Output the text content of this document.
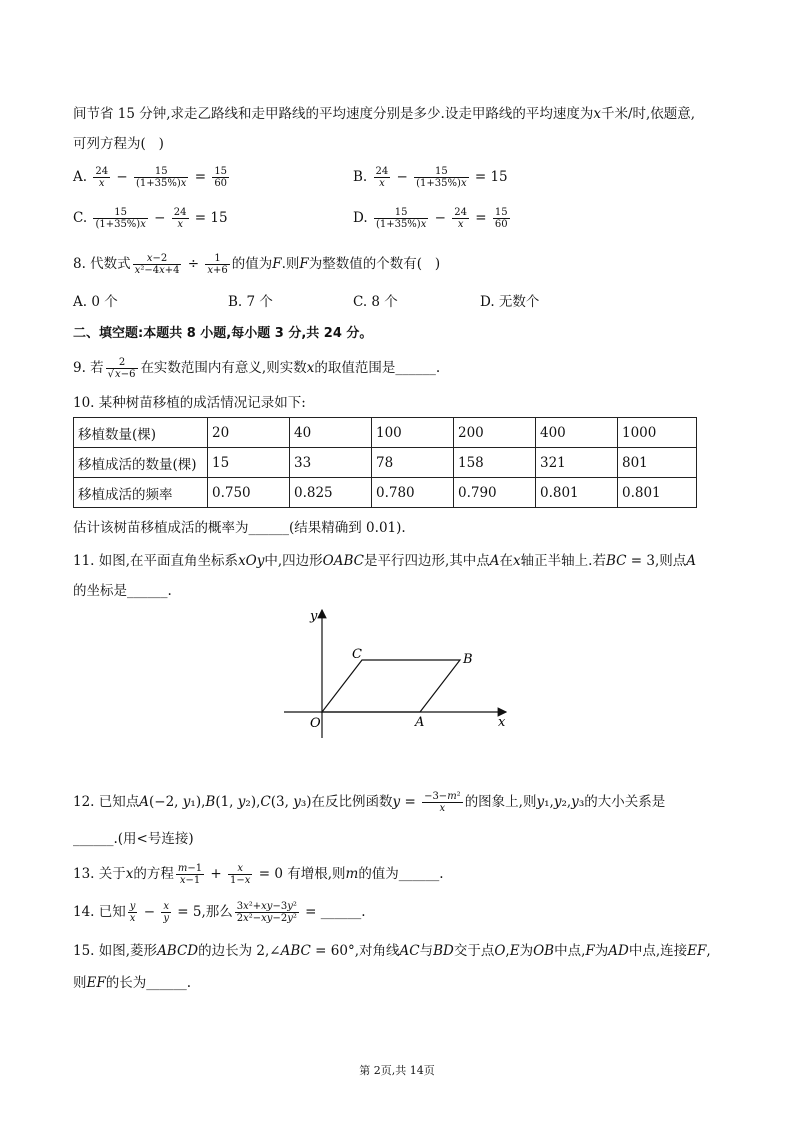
间节省 15 分钟,求走乙路线和走甲路线的平均速度分别是多少.设走甲路线的平均速度为x千米/时,依题意,
可列方程为(   )
A. $\frac{24}{x} - \frac{15}{(1+35\%)x} = \frac{15}{60}$	B. $\frac{24}{x} - \frac{15}{(1+35\%)x} = 15$
C. $\frac{15}{(1+35\%)x} - \frac{24}{x} = 15$	D. $\frac{15}{(1+35\%)x} - \frac{24}{x} = \frac{15}{60}$
8. 代数式 $\frac{x-2}{\text{x²−4x+4}} \div \frac{1}{x+6}$ 的值为F.则F为整数值的个数有(   )
A. 0 个	B. 7 个	C. 8 个	D. 无数个
二、填空题:本题共 8 小题,每小题 3 分,共 24 分。
9. 若 $\frac{2}{√x-6}$ 在实数范围内有意义,则实数x的取值范围是______.
10. 某种树苗移植的成活情况记录如下:
移植数量(棵)	20	40	100	200	400	1000
移植成活的数量(棵)	15	33	78	158	321	801
移植成活的频率	0.750	0.825	0.780	0.790	0.801	0.801
估计该树苗移植成活的概率为______(结果精确到 0.01).
11. 如图,在平面直角坐标系xOy中,四边形OABC是平行四边形,其中点A在x轴正半轴上.若BC = 3,则点A
的坐标是______.
y
x
O	A
B
C
12. 已知点A(−2, y₁),B(1, y₂),C(3, y₃)在反比例函数$y = \frac{\text{−3−m²}}{x}$ 的图象上,则y₁,y₂,y₃的大小关系是
______.(用<号连接)
13. 关于x的方程 $\frac{m-1}{x-1} + \frac{x}{1-x} = 0$ 有增根,则m的值为______.
14. 已知 $\frac{y}{x} - \frac{x}{y} = 5$,那么 $\frac{\text{3x²+xy−3y²}}{\text{2x²−xy−2y²}}$ = ______.
15. 如图,菱形ABCD的边长为 2,∠ABC = 60°,对角线AC与BD交于点O,E为OB中点,F为AD中点,连接EF,
则EF的长为______.
第 2页,共 14页
